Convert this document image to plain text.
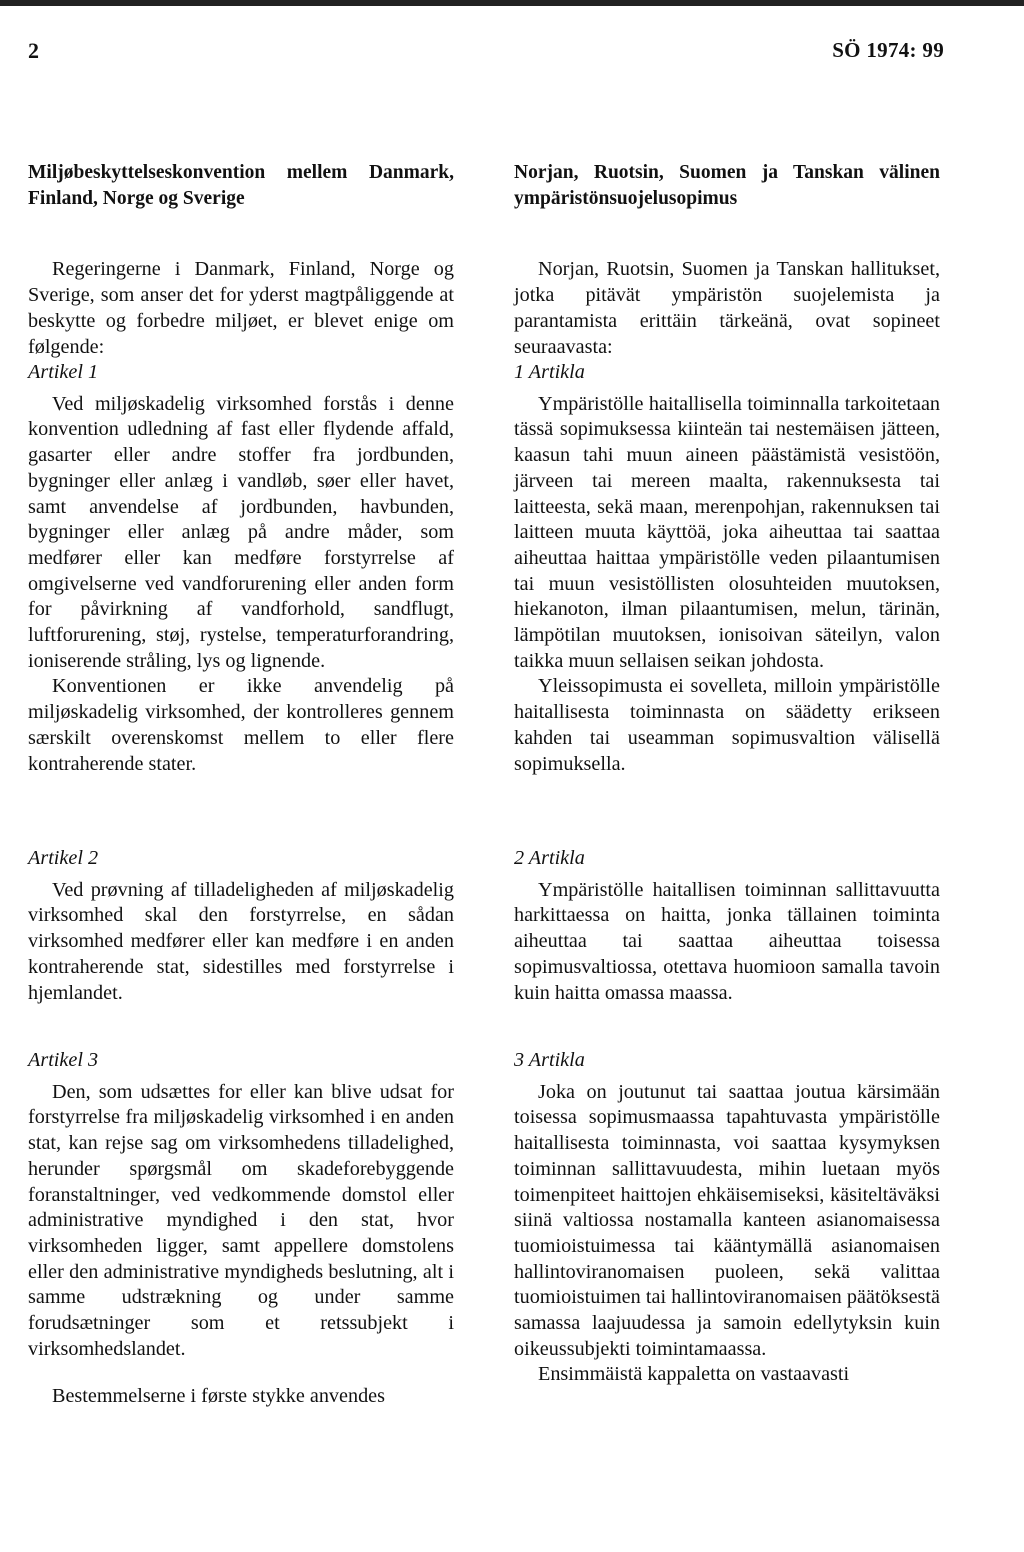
2	SÖ 1974: 99

Miljøbeskyttelseskonvention mellem Danmark, Finland, Norge og Sverige

Regeringerne i Danmark, Finland, Norge og Sverige, som anser det for yderst magtpåliggende at beskytte og forbedre miljøet, er blevet enige om følgende:

Artikel 1

Ved miljøskadelig virksomhed forstås i denne konvention udledning af fast eller flydende affald, gasarter eller andre stoffer fra jordbunden, bygninger eller anlæg i vandløb, søer eller havet, samt anvendelse af jordbunden, havbunden, bygninger eller anlæg på andre måder, som medfører eller kan medføre forstyrrelse af omgivelserne ved vandforurening eller anden form for påvirkning af vandforhold, sandflugt, luftforurening, støj, rystelse, temperaturforandring, ioniserende stråling, lys og lignende.

Konventionen er ikke anvendelig på miljøskadelig virksomhed, der kontrolleres gennem særskilt overenskomst mellem to eller flere kontraherende stater.

Artikel 2

Ved prøvning af tilladeligheden af miljøskadelig virksomhed skal den forstyrrelse, en sådan virksomhed medfører eller kan medføre i en anden kontraherende stat, sidestilles med forstyrrelse i hjemlandet.

Artikel 3

Den, som udsættes for eller kan blive udsat for forstyrrelse fra miljøskadelig virksomhed i en anden stat, kan rejse sag om virksomhedens tilladelighed, herunder spørgsmål om skadeforebyggende foranstaltninger, ved vedkommende domstol eller administrative myndighed i den stat, hvor virksomheden ligger, samt appellere domstolens eller den administrative myndigheds beslutning, alt i samme udstrækning og under samme forudsætninger som et retssubjekt i virksomhedslandet.

Bestemmelserne i første stykke anvendes

Norjan, Ruotsin, Suomen ja Tanskan välinen ympäristönsuojelusopimus

Norjan, Ruotsin, Suomen ja Tanskan hallitukset, jotka pitävät ympäristön suojelemista ja parantamista erittäin tärkeänä, ovat sopineet seuraavasta:

1 Artikla

Ympäristölle haitallisella toiminnalla tarkoitetaan tässä sopimuksessa kiinteän tai nestemäisen jätteen, kaasun tahi muun aineen päästämistä vesistöön, järveen tai mereen maalta, rakennuksesta tai laitteesta, sekä maan, merenpohjan, rakennuksen tai laitteen muuta käyttöä, joka aiheuttaa tai saattaa aiheuttaa haittaa ympäristölle veden pilaantumisen tai muun vesistöllisten olosuhteiden muutoksen, hiekanoton, ilman pilaantumisen, melun, tärinän, lämpötilan muutoksen, ionisoivan säteilyn, valon taikka muun sellaisen seikan johdosta.

Yleissopimusta ei sovelleta, milloin ympäristölle haitallisesta toiminnasta on säädetty erikseen kahden tai useamman sopimusvaltion välisellä sopimuksella.

2 Artikla

Ympäristölle haitallisen toiminnan sallittavuutta harkittaessa on haitta, jonka tällainen toiminta aiheuttaa tai saattaa aiheuttaa toisessa sopimusvaltiossa, otettava huomioon samalla tavoin kuin haitta omassa maassa.

3 Artikla

Joka on joutunut tai saattaa joutua kärsimään toisessa sopimusmaassa tapahtuvasta ympäristölle haitallisesta toiminnasta, voi saattaa kysymyksen toiminnan sallittavuudesta, mihin luetaan myös toimenpiteet haittojen ehkäisemiseksi, käsiteltäväksi siinä valtiossa nostamalla kanteen asianomaisessa tuomioistuimessa tai kääntymällä asianomaisen hallintoviranomaisen puoleen, sekä valittaa tuomioistuimen tai hallintoviranomaisen päätöksestä samassa laajuudessa ja samoin edellytyksin kuin oikeussubjekti toimintamaassa.

Ensimmäistä kappaletta on vastaavasti
